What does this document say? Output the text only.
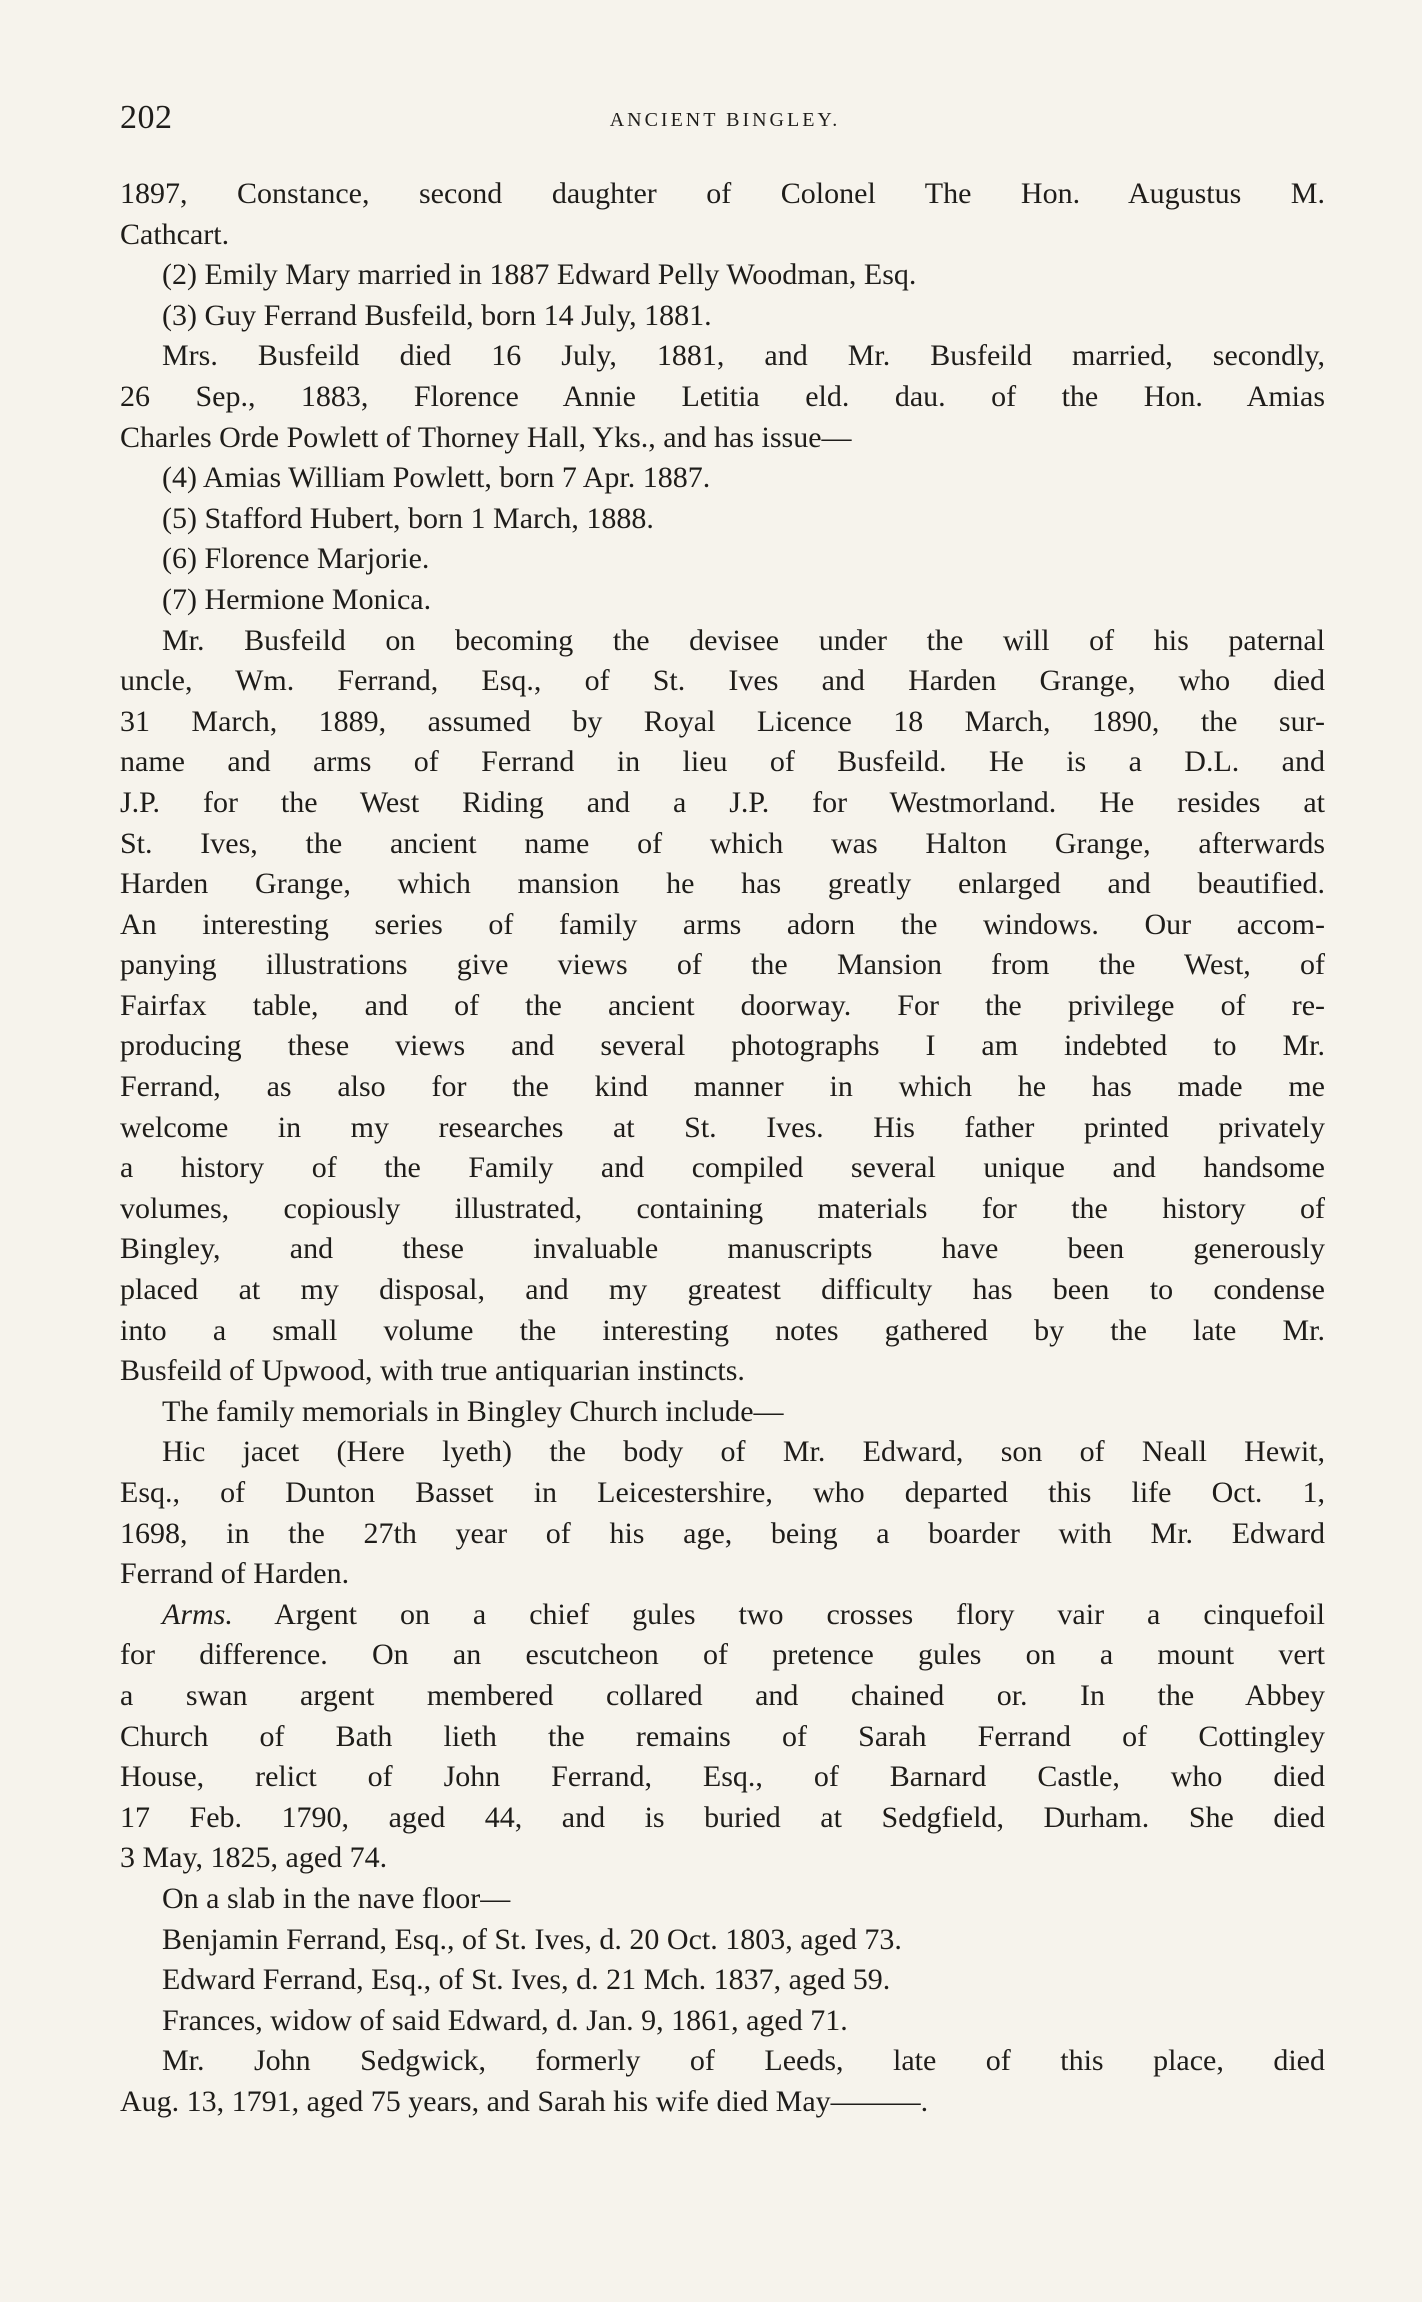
202	ANCIENT BINGLEY.
1897, Constance, second daughter of Colonel The Hon. Augustus M.
Cathcart.
(2) Emily Mary married in 1887 Edward Pelly Woodman, Esq.
(3) Guy Ferrand Busfeild, born 14 July, 1881.
Mrs. Busfeild died 16 July, 1881, and Mr. Busfeild married, secondly,
26 Sep., 1883, Florence Annie Letitia eld. dau. of the Hon. Amias
Charles Orde Powlett of Thorney Hall, Yks., and has issue—
(4) Amias William Powlett, born 7 Apr. 1887.
(5) Stafford Hubert, born 1 March, 1888.
(6) Florence Marjorie.
(7) Hermione Monica.
Mr. Busfeild on becoming the devisee under the will of his paternal
uncle, Wm. Ferrand, Esq., of St. Ives and Harden Grange, who died
31 March, 1889, assumed by Royal Licence 18 March, 1890, the sur-
name and arms of Ferrand in lieu of Busfeild. He is a D.L. and
J.P. for the West Riding and a J.P. for Westmorland. He resides at
St. Ives, the ancient name of which was Halton Grange, afterwards
Harden Grange, which mansion he has greatly enlarged and beautified.
An interesting series of family arms adorn the windows. Our accom-
panying illustrations give views of the Mansion from the West, of
Fairfax table, and of the ancient doorway. For the privilege of re-
producing these views and several photographs I am indebted to Mr.
Ferrand, as also for the kind manner in which he has made me
welcome in my researches at St. Ives. His father printed privately
a history of the Family and compiled several unique and handsome
volumes, copiously illustrated, containing materials for the history of
Bingley, and these invaluable manuscripts have been generously
placed at my disposal, and my greatest difficulty has been to condense
into a small volume the interesting notes gathered by the late Mr.
Busfeild of Upwood, with true antiquarian instincts.
The family memorials in Bingley Church include—
Hic jacet (Here lyeth) the body of Mr. Edward, son of Neall Hewit,
Esq., of Dunton Basset in Leicestershire, who departed this life Oct. 1,
1698, in the 27th year of his age, being a boarder with Mr. Edward
Ferrand of Harden.
Arms. Argent on a chief gules two crosses flory vair a cinquefoil
for difference. On an escutcheon of pretence gules on a mount vert
a swan argent membered collared and chained or. In the Abbey
Church of Bath lieth the remains of Sarah Ferrand of Cottingley
House, relict of John Ferrand, Esq., of Barnard Castle, who died
17 Feb. 1790, aged 44, and is buried at Sedgfield, Durham. She died
3 May, 1825, aged 74.
On a slab in the nave floor—
Benjamin Ferrand, Esq., of St. Ives, d. 20 Oct. 1803, aged 73.
Edward Ferrand, Esq., of St. Ives, d. 21 Mch. 1837, aged 59.
Frances, widow of said Edward, d. Jan. 9, 1861, aged 71.
Mr. John Sedgwick, formerly of Leeds, late of this place, died
Aug. 13, 1791, aged 75 years, and Sarah his wife died May———.
